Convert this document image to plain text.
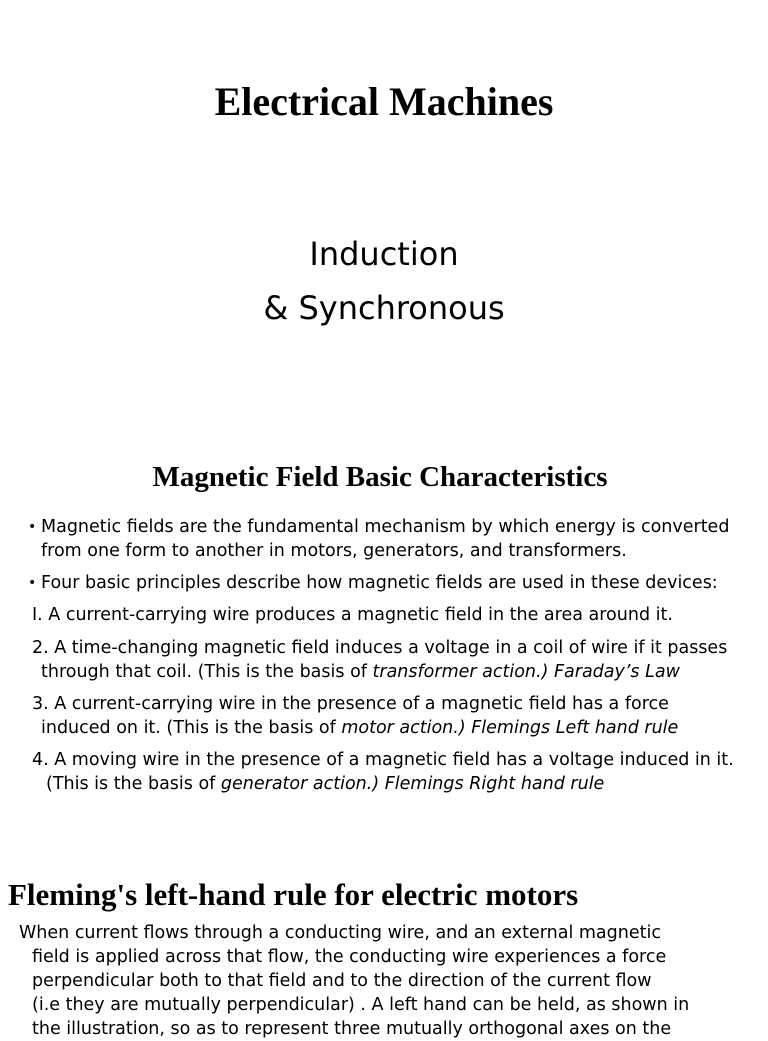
Electrical Machines
Induction
& Synchronous
Magnetic Field Basic Characteristics
• Magnetic fields are the fundamental mechanism by which energy is converted
from one form to another in motors, generators, and transformers.
• Four basic principles describe how magnetic fields are used in these devices:
I. A current-carrying wire produces a magnetic field in the area around it.
2. A time-changing magnetic field induces a voltage in a coil of wire if it passes
through that coil. (This is the basis of transformer action.) Faraday’s Law
3. A current-carrying wire in the presence of a magnetic field has a force
induced on it. (This is the basis of motor action.) Flemings Left hand rule
4. A moving wire in the presence of a magnetic field has a voltage induced in it.
(This is the basis of generator action.) Flemings Right hand rule
Fleming's left-hand rule for electric motors
When current flows through a conducting wire, and an external magnetic
field is applied across that flow, the conducting wire experiences a force
perpendicular both to that field and to the direction of the current flow
(i.e they are mutually perpendicular) . A left hand can be held, as shown in
the illustration, so as to represent three mutually orthogonal axes on the
